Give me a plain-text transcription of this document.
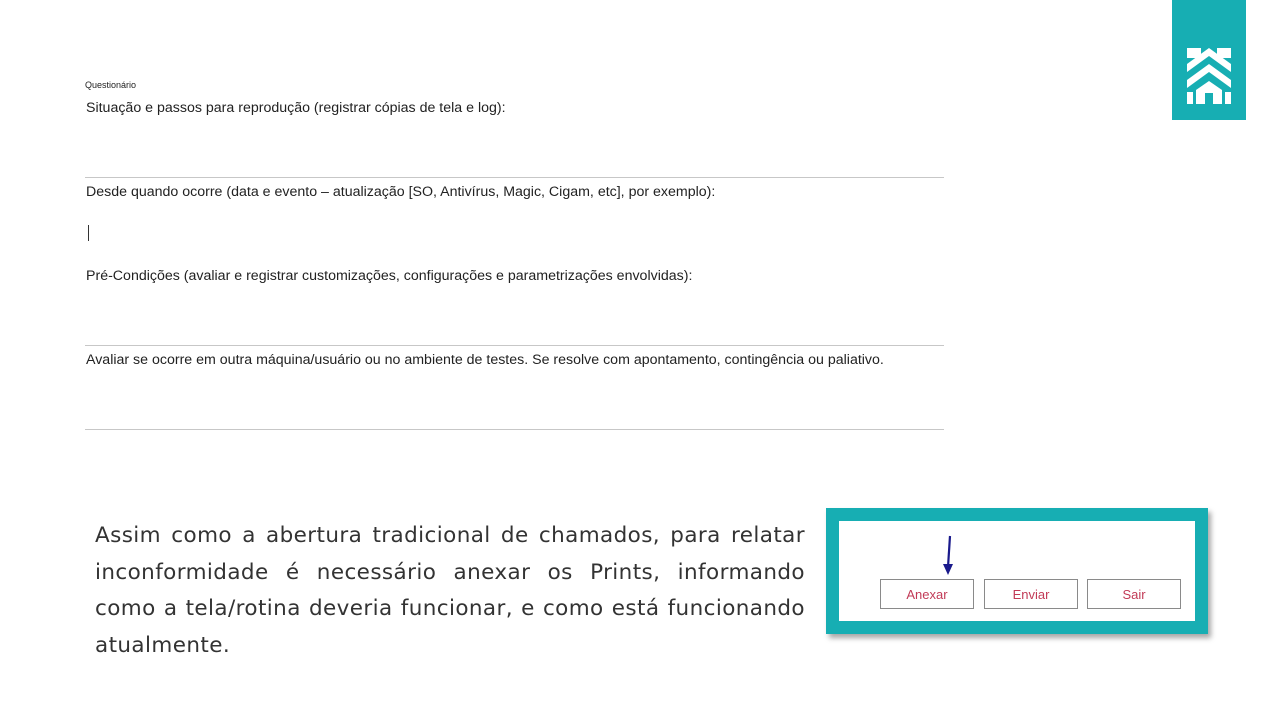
Questionário
Situação e passos para reprodução (registrar cópias de tela e log):
Desde quando ocorre (data e evento – atualização [SO, Antivírus, Magic, Cigam, etc], por exemplo):
Pré-Condições (avaliar e registrar customizações, configurações e parametrizações envolvidas):
Avaliar se ocorre em outra máquina/usuário ou no ambiente de testes. Se resolve com apontamento, contingência ou paliativo.
Assim como a abertura tradicional de chamados, para relatar inconformidade é necessário anexar os Prints, informando como a tela/rotina deveria funcionar, e como está funcionando atualmente.
Anexar	Enviar	Sair
